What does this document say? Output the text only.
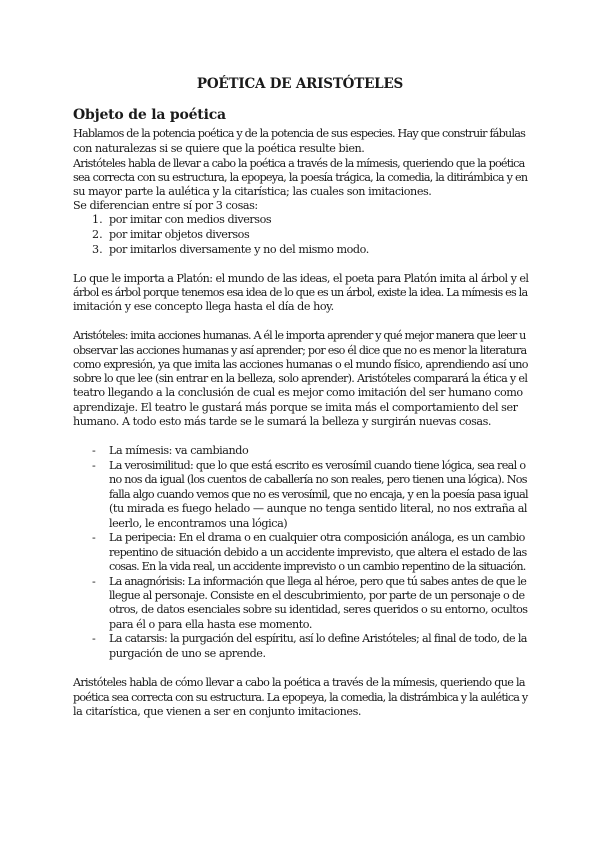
POÉTICA DE ARISTÓTELES
Objeto de la poética
Hablamos de la potencia poética y de la potencia de sus especies. Hay que construir fábulas
con naturalezas si se quiere que la poética resulte bien.
Aristóteles habla de llevar a cabo la poética a través de la mímesis, queriendo que la poética
sea correcta con su estructura, la epopeya, la poesía trágica, la comedia, la ditirámbica y en
su mayor parte la aulética y la citarística; las cuales son imitaciones.
Se diferencian entre sí por 3 cosas:
1. por imitar con medios diversos
2. por imitar objetos diversos
3. por imitarlos diversamente y no del mismo modo.
Lo que le importa a Platón: el mundo de las ideas, el poeta para Platón imita al árbol y el
árbol es árbol porque tenemos esa idea de lo que es un árbol, existe la idea. La mímesis es la
imitación y ese concepto llega hasta el día de hoy.
Aristóteles: imita acciones humanas. A él le importa aprender y qué mejor manera que leer u
observar las acciones humanas y así aprender; por eso él dice que no es menor la literatura
como expresión, ya que imita las acciones humanas o el mundo físico, aprendiendo así uno
sobre lo que lee (sin entrar en la belleza, solo aprender). Aristóteles comparará la ética y el
teatro llegando a la conclusión de cual es mejor como imitación del ser humano como
aprendizaje. El teatro le gustará más porque se imita más el comportamiento del ser
humano. A todo esto más tarde se le sumará la belleza y surgirán nuevas cosas.
- La mímesis: va cambiando
- La verosimilitud: que lo que está escrito es verosímil cuando tiene lógica, sea real o
no nos da igual (los cuentos de caballería no son reales, pero tienen una lógica). Nos
falla algo cuando vemos que no es verosímil, que no encaja, y en la poesía pasa igual
(tu mirada es fuego helado — aunque no tenga sentido literal, no nos extraña al
leerlo, le encontramos una lógica)
- La peripecia: En el drama o en cualquier otra composición análoga, es un cambio
repentino de situación debido a un accidente imprevisto, que altera el estado de las
cosas. En la vida real, un accidente imprevisto o un cambio repentino de la situación.
- La anagnórisis: La información que llega al héroe, pero que tú sabes antes de que le
llegue al personaje. Consiste en el descubrimiento, por parte de un personaje o de
otros, de datos esenciales sobre su identidad, seres queridos o su entorno, ocultos
para él o para ella hasta ese momento.
- La catarsis: la purgación del espíritu, así lo define Aristóteles; al final de todo, de la
purgación de uno se aprende.
Aristóteles habla de cómo llevar a cabo la poética a través de la mímesis, queriendo que la
poética sea correcta con su estructura. La epopeya, la comedia, la distrámbica y la aulética y
la citarística, que vienen a ser en conjunto imitaciones.
